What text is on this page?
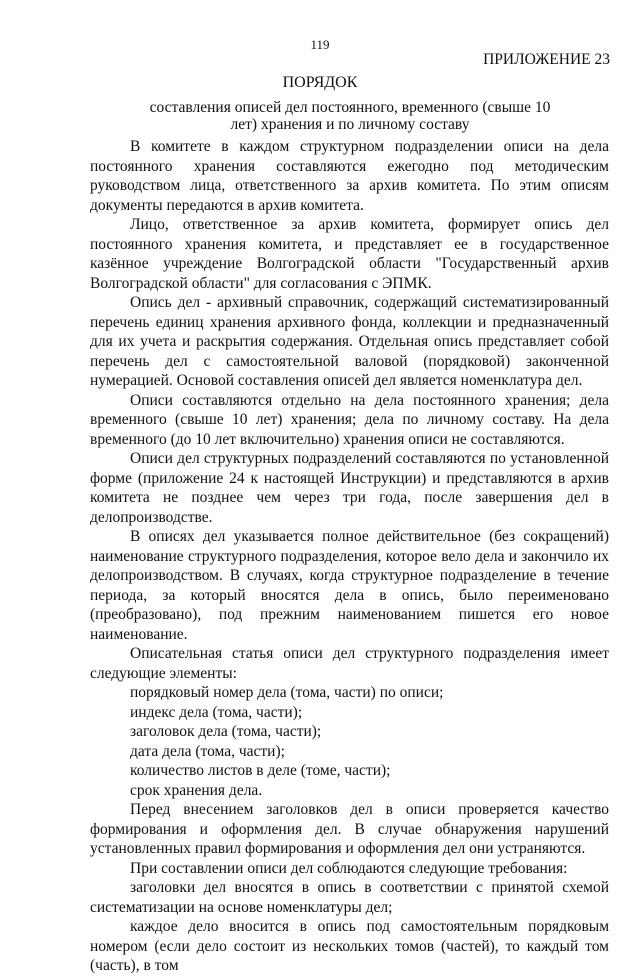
119
ПРИЛОЖЕНИЕ 23
ПОРЯДОК
составления описей дел постоянного, временного (свыше 10 лет) хранения и по личному составу

В комитете в каждом структурном подразделении описи на дела постоянного хранения составляются ежегодно под методическим руководством лица, ответственного за архив комитета. По этим описям документы передаются в архив комитета.

Лицо, ответственное за архив комитета, формирует опись дел постоянного хранения комитета, и представляет ее в государственное казённое учреждение Волгоградской области "Государственный архив Волгоградской области" для согласования с ЭПМК.

Опись дел - архивный справочник, содержащий систематизированный перечень единиц хранения архивного фонда, коллекции и предназначенный для их учета и раскрытия содержания. Отдельная опись представляет собой перечень дел с самостоятельной валовой (порядковой) законченной нумерацией. Основой составления описей дел является номенклатура дел.

Описи составляются отдельно на дела постоянного хранения; дела временного (свыше 10 лет) хранения; дела по личному составу. На дела временного (до 10 лет включительно) хранения описи не составляются.

Описи дел структурных подразделений составляются по установленной форме (приложение 24 к настоящей Инструкции) и представляются в архив комитета не позднее чем через три года, после завершения дел в делопроизводстве.

В описях дел указывается полное действительное (без сокращений) наименование структурного подразделения, которое вело дела и закончило их делопроизводством. В случаях, когда структурное подразделение в течение периода, за который вносятся дела в опись, было переименовано (преобразовано), под прежним наименованием пишется его новое наименование.

Описательная статья описи дел структурного подразделения имеет следующие элементы:

порядковый номер дела (тома, части) по описи;

индекс дела (тома, части);

заголовок дела (тома, части);

дата дела (тома, части);

количество листов в деле (томе, части);

срок хранения дела.

Перед внесением заголовков дел в описи проверяется качество формирования и оформления дел. В случае обнаружения нарушений установленных правил формирования и оформления дел они устраняются.

При составлении описи дел соблюдаются следующие требования:

заголовки дел вносятся в опись в соответствии с принятой схемой систематизации на основе номенклатуры дел;

каждое дело вносится в опись под самостоятельным порядковым номером (если дело состоит из нескольких томов (частей), то каждый том (часть), в том
